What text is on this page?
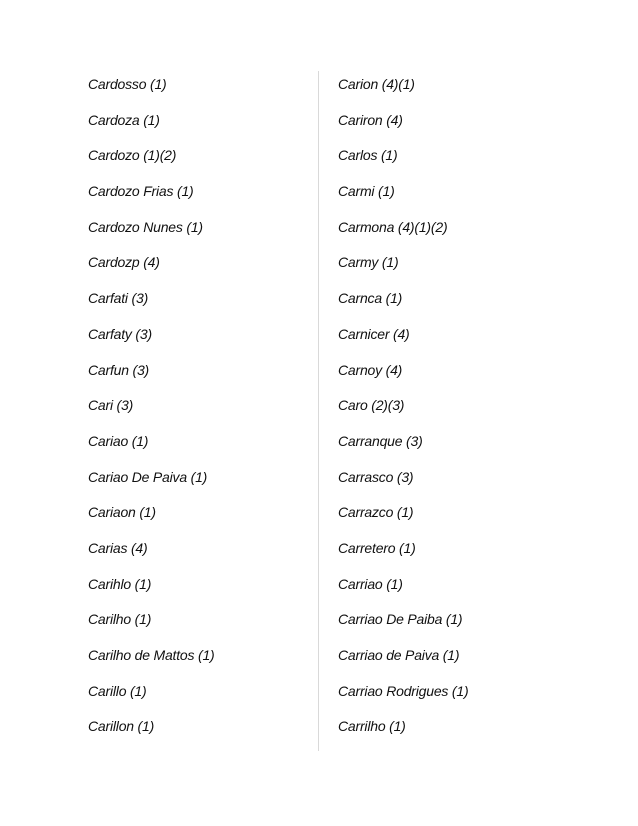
Cardosso (1)
Cardoza (1)
Cardozo (1)(2)
Cardozo Frias (1)
Cardozo Nunes (1)
Cardozp (4)
Carfati (3)
Carfaty (3)
Carfun (3)
Cari (3)
Cariao (1)
Cariao De Paiva (1)
Cariaon (1)
Carias (4)
Carihlo (1)
Carilho (1)
Carilho de Mattos (1)
Carillo (1)
Carillon (1)
Carion (4)(1)
Cariron (4)
Carlos (1)
Carmi (1)
Carmona (4)(1)(2)
Carmy (1)
Carnca (1)
Carnicer (4)
Carnoy (4)
Caro (2)(3)
Carranque (3)
Carrasco (3)
Carrazco (1)
Carretero (1)
Carriao (1)
Carriao De Paiba (1)
Carriao de Paiva (1)
Carriao Rodrigues (1)
Carrilho (1)
